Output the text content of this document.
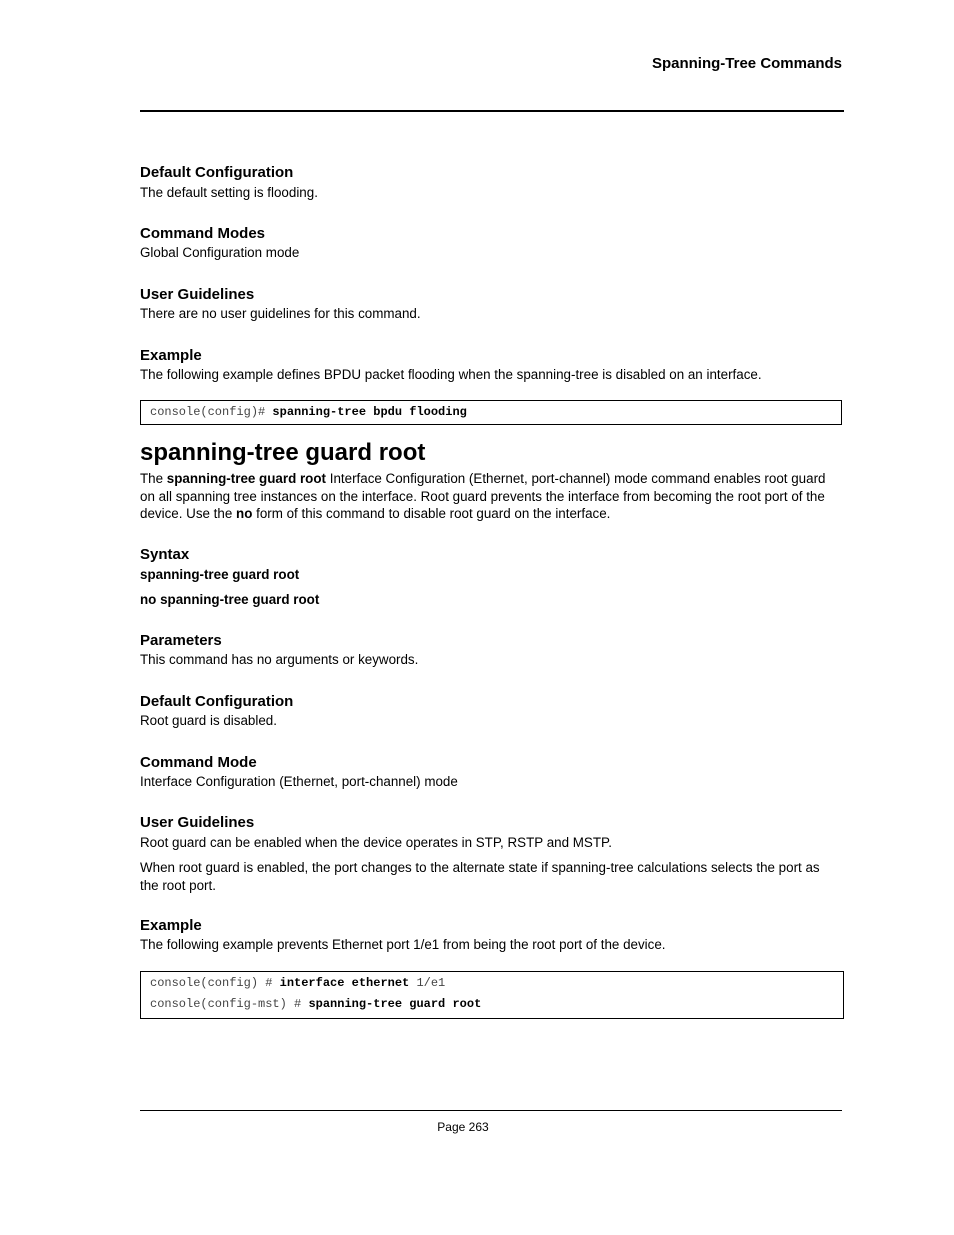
Spanning-Tree Commands
Default Configuration
The default setting is flooding.
Command Modes
Global Configuration mode
User Guidelines
There are no user guidelines for this command.
Example
The following example defines BPDU packet flooding when the spanning-tree is disabled on an interface.
console(config)# spanning-tree bpdu flooding
spanning-tree guard root
The spanning-tree guard root Interface Configuration (Ethernet, port-channel) mode command enables root guard on all spanning tree instances on the interface. Root guard prevents the interface from becoming the root port of the device. Use the no form of this command to disable root guard on the interface.
Syntax
spanning-tree guard root
no spanning-tree guard root
Parameters
This command has no arguments or keywords.
Default Configuration
Root guard is disabled.
Command Mode
Interface Configuration (Ethernet, port-channel) mode
User Guidelines
Root guard can be enabled when the device operates in STP, RSTP and MSTP.
When root guard is enabled, the port changes to the alternate state if spanning-tree calculations selects the port as the root port.
Example
The following example prevents Ethernet port 1/e1 from being the root port of the device.
console(config) # interface ethernet 1/e1
console(config-mst) # spanning-tree guard root
Page 263
